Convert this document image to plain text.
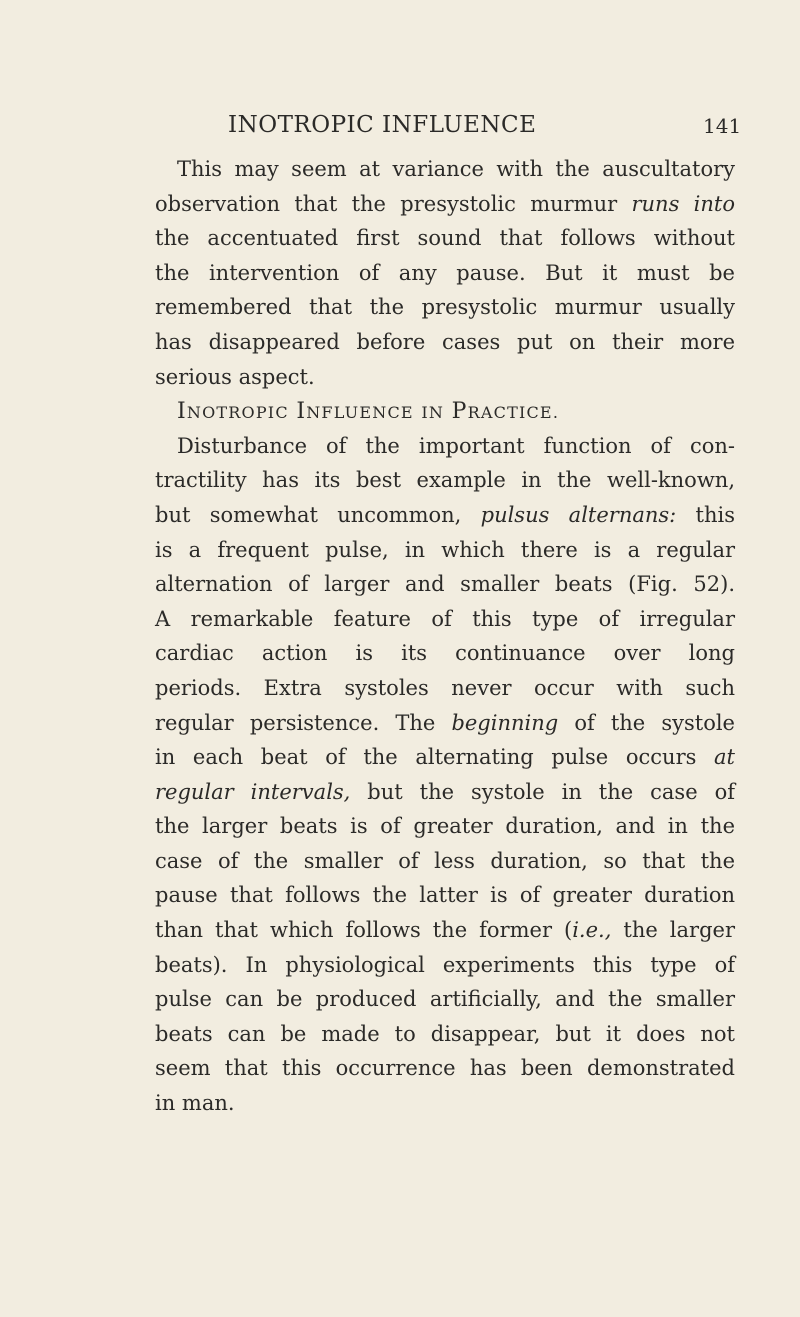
INOTROPIC INFLUENCE	141
This may seem at variance with the auscultatory
observation that the presystolic murmur runs into
the accentuated first sound that follows without
the intervention of any pause. But it must be
remembered that the presystolic murmur usually
has disappeared before cases put on their more
serious aspect.
INOTROPIC INFLUENCE IN PRACTICE.
Disturbance of the important function of con-
tractility has its best example in the well-known,
but somewhat uncommon, pulsus alternans: this
is a frequent pulse, in which there is a regular
alternation of larger and smaller beats (Fig. 52).
A remarkable feature of this type of irregular
cardiac action is its continuance over long
periods. Extra systoles never occur with such
regular persistence. The beginning of the systole
in each beat of the alternating pulse occurs at
regular intervals, but the systole in the case of
the larger beats is of greater duration, and in the
case of the smaller of less duration, so that the
pause that follows the latter is of greater duration
than that which follows the former (i.e., the larger
beats). In physiological experiments this type of
pulse can be produced artificially, and the smaller
beats can be made to disappear, but it does not
seem that this occurrence has been demonstrated
in man.
